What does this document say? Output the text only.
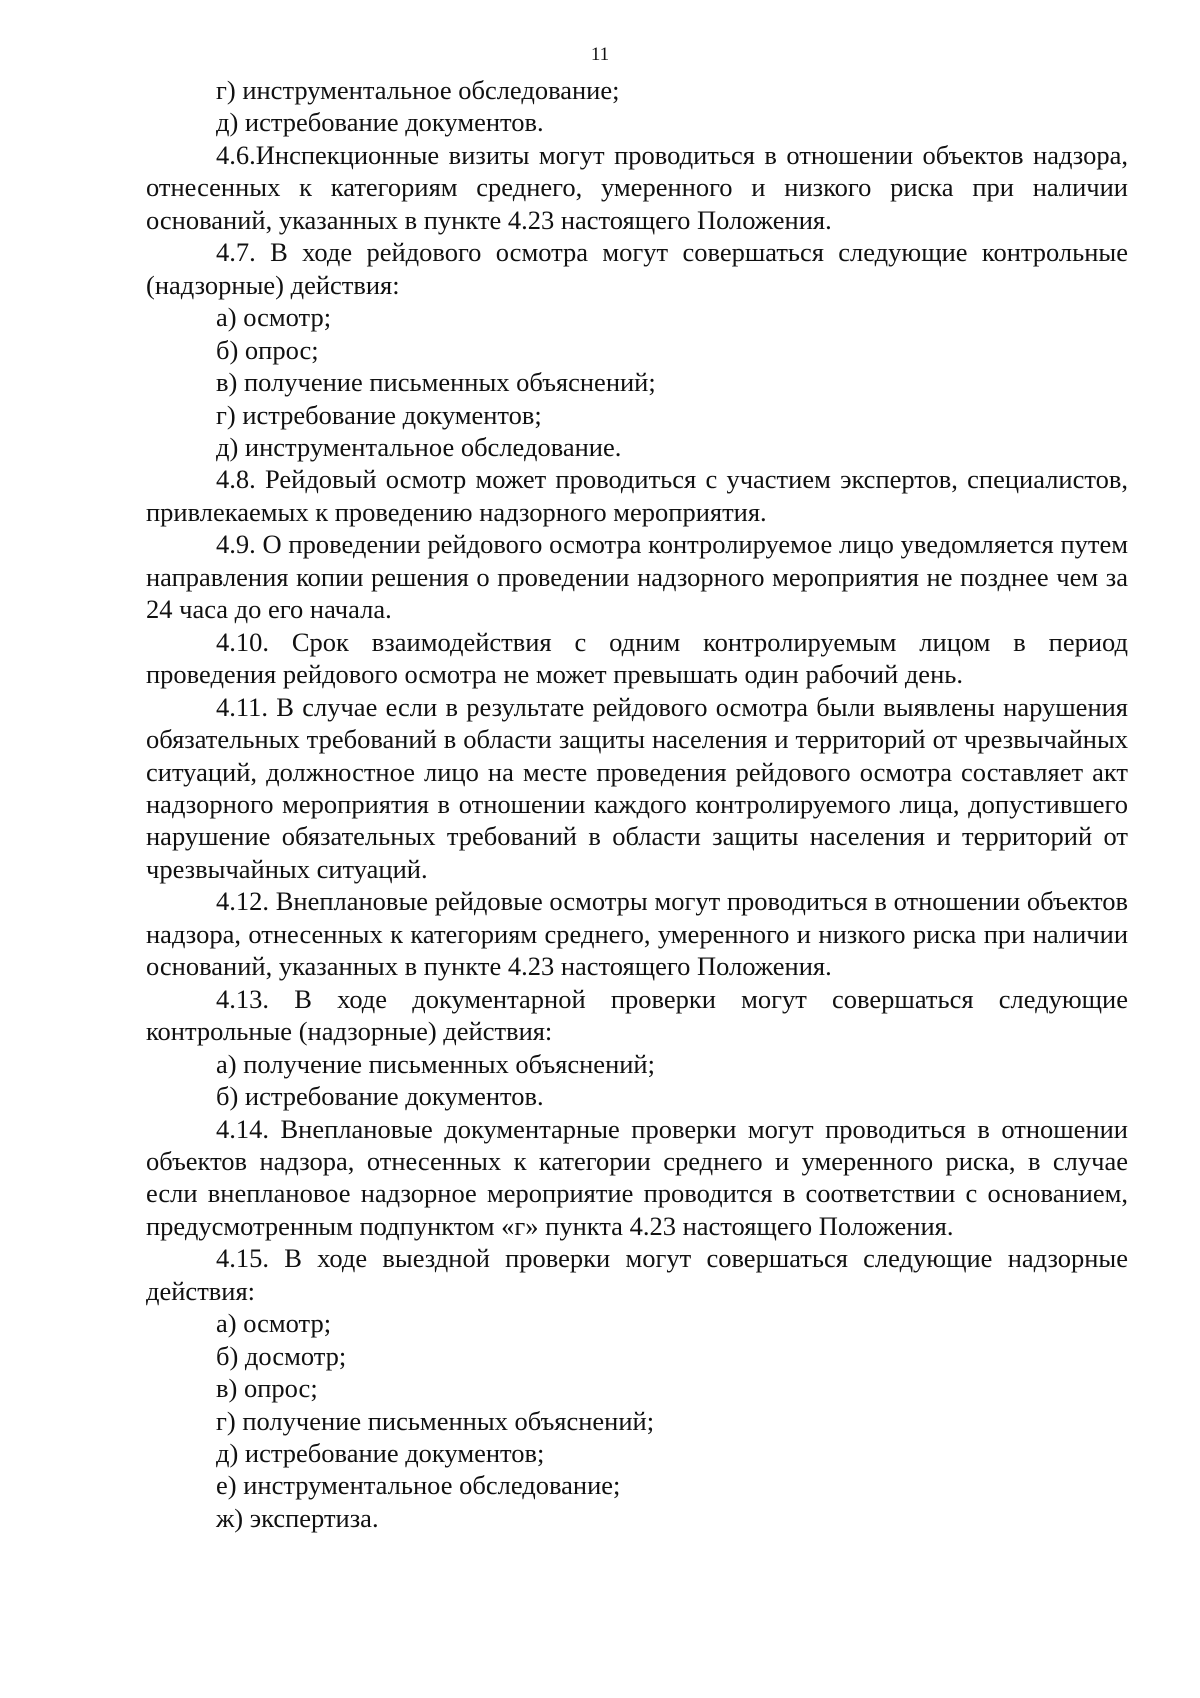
11

г) инструментальное обследование;

д) истребование документов.

4.6.Инспекционные визиты могут проводиться в отношении объектов надзора, отнесенных к категориям среднего, умеренного и низкого риска при наличии оснований, указанных в пункте 4.23 настоящего Положения.

4.7. В ходе рейдового осмотра могут совершаться следующие контрольные (надзорные) действия:

а) осмотр;

б) опрос;

в) получение письменных объяснений;

г) истребование документов;

д) инструментальное обследование.

4.8. Рейдовый осмотр может проводиться с участием экспертов, специалистов, привлекаемых к проведению надзорного мероприятия.

4.9. О проведении рейдового осмотра контролируемое лицо уведомляется путем направления копии решения о проведении надзорного мероприятия не позднее чем за 24 часа до его начала.

4.10. Срок взаимодействия с одним контролируемым лицом в период проведения рейдового осмотра не может превышать один рабочий день.

4.11. В случае если в результате рейдового осмотра были выявлены нарушения обязательных требований в области защиты населения и территорий от чрезвычайных ситуаций, должностное лицо на месте проведения рейдового осмотра составляет акт надзорного мероприятия в отношении каждого контролируемого лица, допустившего нарушение обязательных требований в области защиты населения и территорий от чрезвычайных ситуаций.

4.12. Внеплановые рейдовые осмотры могут проводиться в отношении объектов надзора, отнесенных к категориям среднего, умеренного и низкого риска при наличии оснований, указанных в пункте 4.23 настоящего Положения.

4.13. В ходе документарной проверки могут совершаться следующие контрольные (надзорные) действия:

а) получение письменных объяснений;

б) истребование документов.

4.14. Внеплановые документарные проверки могут проводиться в отношении объектов надзора, отнесенных к категории среднего и умеренного риска, в случае если внеплановое надзорное мероприятие проводится в соответствии с основанием, предусмотренным подпунктом «г» пункта 4.23 настоящего Положения.

4.15. В ходе выездной проверки могут совершаться следующие надзорные действия:

а) осмотр;

б) досмотр;

в) опрос;

г) получение письменных объяснений;

д) истребование документов;

е) инструментальное обследование;

ж) экспертиза.
